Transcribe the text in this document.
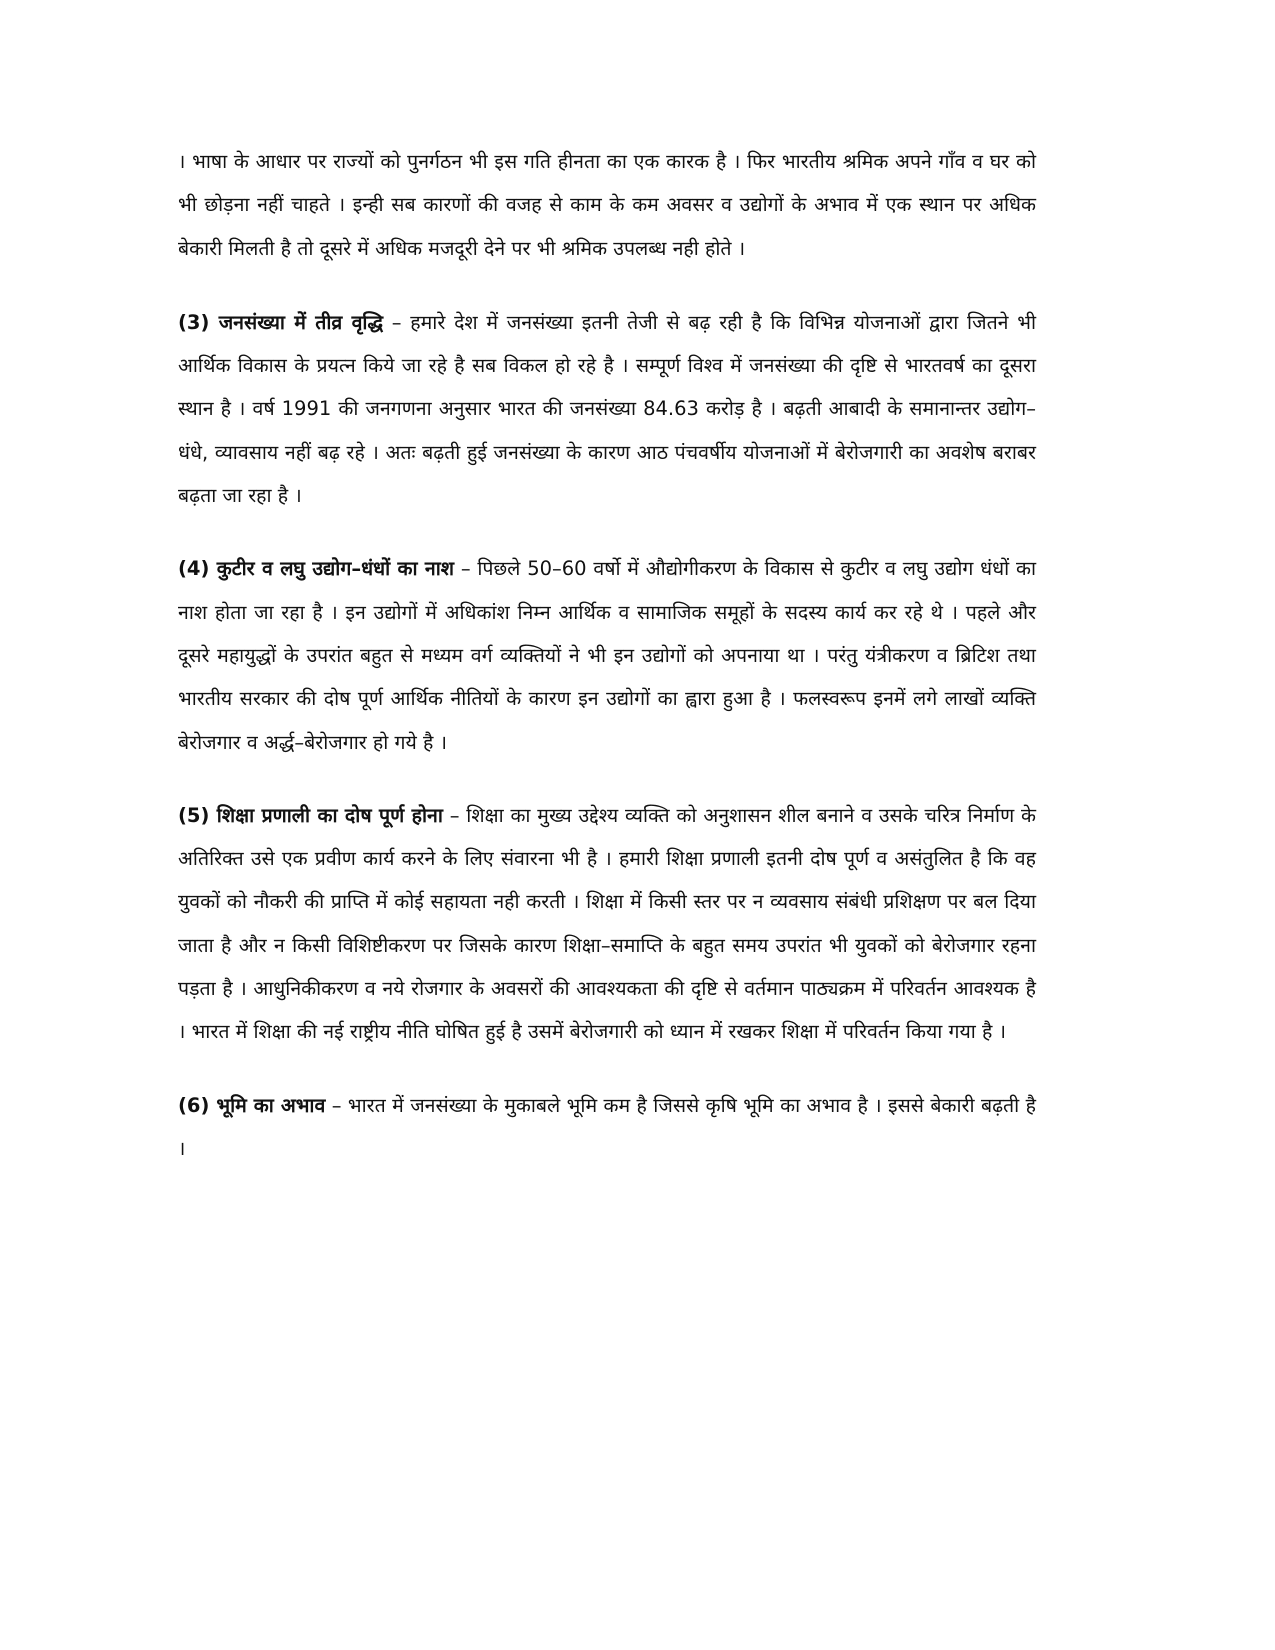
। भाषा के आधार पर राज्यों को पुनर्गठन भी इस गति हीनता का एक कारक है । फिर भारतीय श्रमिक अपने गाँव व घर को भी छोड़ना नहीं चाहते । इन्ही सब कारणों की वजह से काम के कम अवसर व उद्योगों के अभाव में एक स्थान पर अधिक बेकारी मिलती है तो दूसरे में अधिक मजदूरी देने पर भी श्रमिक उपलब्ध नही होते ।

(3) जनसंख्या में तीव्र वृद्धि – हमारे देश में जनसंख्या इतनी तेजी से बढ़ रही है कि विभिन्न योजनाओं द्वारा जितने भी आर्थिक विकास के प्रयत्न किये जा रहे है सब विकल हो रहे है । सम्पूर्ण विश्व में जनसंख्या की दृष्टि से भारतवर्ष का दूसरा स्थान है । वर्ष 1991 की जनगणना अनुसार भारत की जनसंख्या 84.63 करोड़ है । बढ़ती आबादी के समानान्तर उद्योग–धंधे, व्यावसाय नहीं बढ़ रहे । अतः बढ़ती हुई जनसंख्या के कारण आठ पंचवर्षीय योजनाओं में बेरोजगारी का अवशेष बराबर बढ़ता जा रहा है ।

(4) कुटीर व लघु उद्योग–धंधों का नाश – पिछले 50–60 वर्षो में औद्योगीकरण के विकास से कुटीर व लघु उद्योग धंधों का नाश होता जा रहा है । इन उद्योगों में अधिकांश निम्न आर्थिक व सामाजिक समूहों के सदस्य कार्य कर रहे थे । पहले और दूसरे महायुद्धों के उपरांत बहुत से मध्यम वर्ग व्यक्तियों ने भी इन उद्योगों को अपनाया था । परंतु यंत्रीकरण व ब्रिटिश तथा भारतीय सरकार की दोष पूर्ण आर्थिक नीतियों के कारण इन उद्योगों का ह्वारा हुआ है । फलस्वरूप इनमें लगे लाखों व्यक्ति बेरोजगार व अर्द्ध–बेरोजगार हो गये है ।

(5) शिक्षा प्रणाली का दोष पूर्ण होना – शिक्षा का मुख्य उद्देश्य व्यक्ति को अनुशासन शील बनाने व उसके चरित्र निर्माण के अतिरिक्त उसे एक प्रवीण कार्य करने के लिए संवारना भी है । हमारी शिक्षा प्रणाली इतनी दोष पूर्ण व असंतुलित है कि वह युवकों को नौकरी की प्राप्ति में कोई सहायता नही करती । शिक्षा में किसी स्तर पर न व्यवसाय संबंधी प्रशिक्षण पर बल दिया जाता है और न किसी विशिष्टीकरण पर जिसके कारण शिक्षा–समाप्ति के बहुत समय उपरांत भी युवकों को बेरोजगार रहना पड़ता है । आधुनिकीकरण व नये रोजगार के अवसरों की आवश्यकता की दृष्टि से वर्तमान पाठ्यक्रम में परिवर्तन आवश्यक है । भारत में शिक्षा की नई राष्ट्रीय नीति घोषित हुई है उसमें बेरोजगारी को ध्यान में रखकर शिक्षा में परिवर्तन किया गया है ।

(6) भूमि का अभाव – भारत में जनसंख्या के मुकाबले भूमि कम है जिससे कृषि भूमि का अभाव है । इससे बेकारी बढ़ती है ।
